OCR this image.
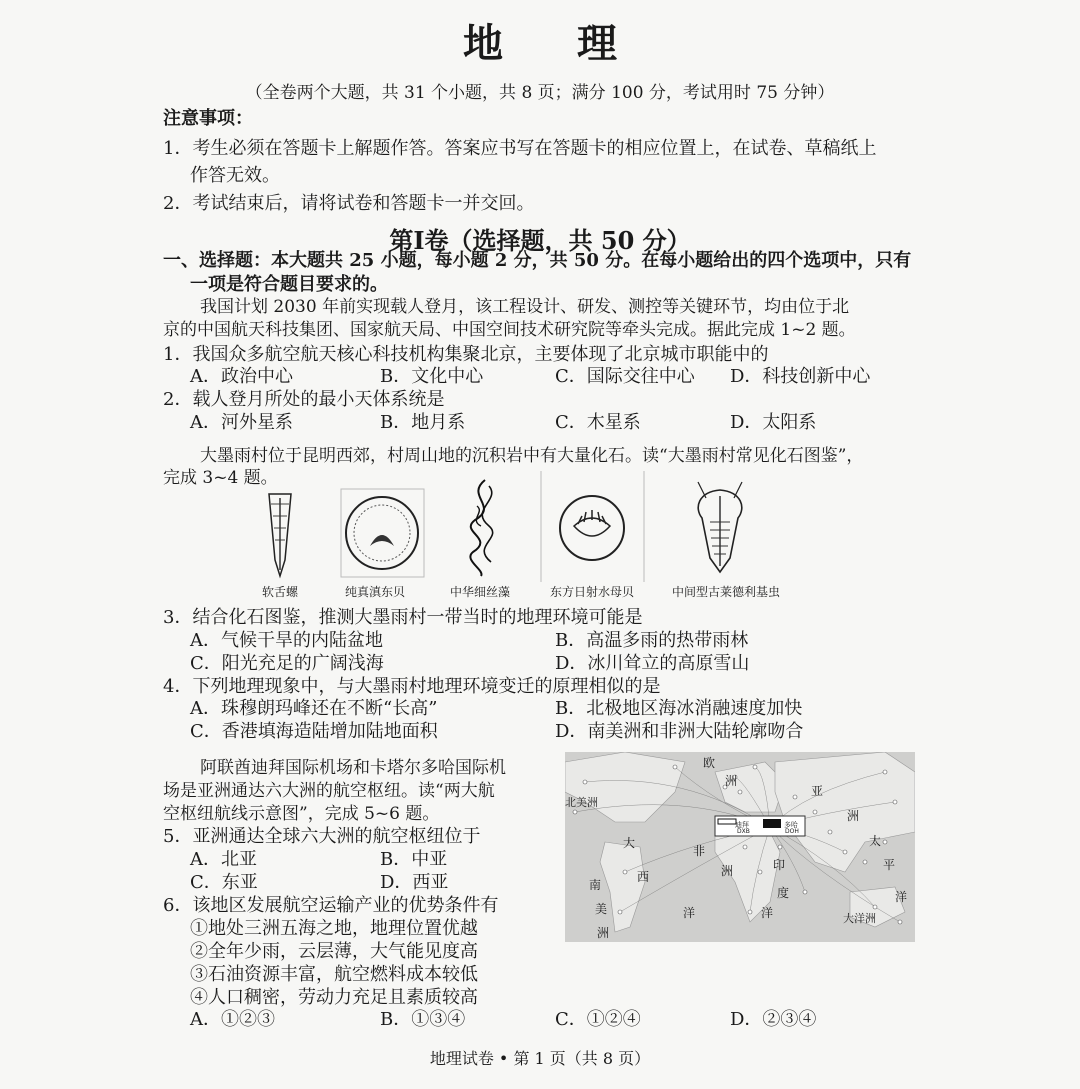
地 理
（全卷两个大题，共 31 个小题，共 8 页；满分 100 分，考试用时 75 分钟）
注意事项：
1．考生必须在答题卡上解题作答。答案应书写在答题卡的相应位置上，在试卷、草稿纸上
作答无效。
2．考试结束后，请将试卷和答题卡一并交回。
第Ⅰ卷（选择题，共 50 分）
一、选择题：本大题共 25 小题，每小题 2 分，共 50 分。在每小题给出的四个选项中，只有
一项是符合题目要求的。
我国计划 2030 年前实现载人登月，该工程设计、研发、测控等关键环节，均由位于北
京的中国航天科技集团、国家航天局、中国空间技术研究院等牵头完成。据此完成 1~2 题。
1．我国众多航空航天核心科技机构集聚北京，主要体现了北京城市职能中的
A．政治中心	B．文化中心	C．国际交往中心 D．科技创新中心
2．载人登月所处的最小天体系统是
A．河外星系	B．地月系	C．木星系	D．太阳系
大墨雨村位于昆明西郊，村周山地的沉积岩中有大量化石。读“大墨雨村常见化石图鉴”，
完成 3~4 题。
软舌螺	纯真滇东贝	中华细丝藻	东方日射水母贝	中间型古莱德利基虫
3．结合化石图鉴，推测大墨雨村一带当时的地理环境可能是
A．气候干旱的内陆盆地	B．高温多雨的热带雨林
C．阳光充足的广阔浅海	D．冰川耸立的高原雪山
4．下列地理现象中，与大墨雨村地理环境变迁的原理相似的是
A．珠穆朗玛峰还在不断“长高”	B．北极地区海冰消融速度加快
C．香港填海造陆增加陆地面积	D．南美洲和非洲大陆轮廓吻合
阿联酋迪拜国际机场和卡塔尔多哈国际机
场是亚洲通达六大洲的航空枢纽。读“两大航
空枢纽航线示意图”，完成 5~6 题。
迪拜
DXB
多哈
DOH
欧
洲
北美洲
亚
洲
大
西
洋
非
洲
南
美
洲
印
度
洋
太
平
洋
大洋洲
5．亚洲通达全球六大洲的航空枢纽位于
A．北亚	B．中亚
C．东亚	D．西亚
6．该地区发展航空运输产业的优势条件有
①地处三洲五海之地，地理位置优越
②全年少雨，云层薄，大气能见度高
③石油资源丰富，航空燃料成本较低
④人口稠密，劳动力充足且素质较高
A．①②③	B．①③④	C．①②④	D．②③④
地理试卷 • 第 1 页（共 8 页）
